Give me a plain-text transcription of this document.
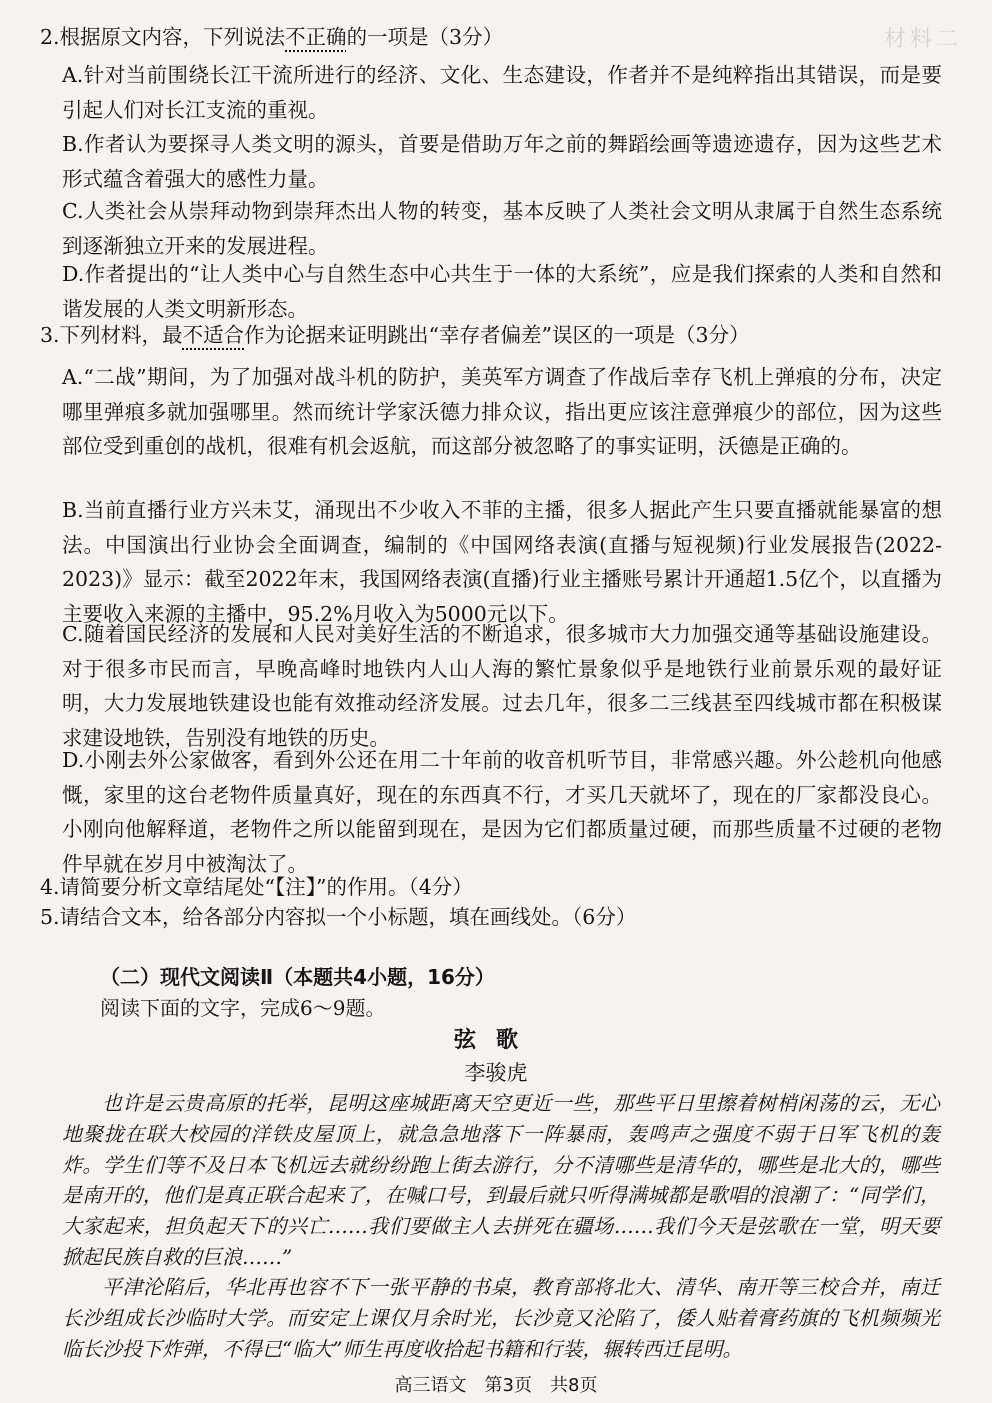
材料二
2.根据原文内容，下列说法不正确的一项是（3分）
A.针对当前围绕长江干流所进行的经济、文化、生态建设，作者并不是纯粹指出其错误，而是要引起人们对长江支流的重视。
B.作者认为要探寻人类文明的源头，首要是借助万年之前的舞蹈绘画等遗迹遗存，因为这些艺术形式蕴含着强大的感性力量。
C.人类社会从崇拜动物到崇拜杰出人物的转变，基本反映了人类社会文明从隶属于自然生态系统到逐渐独立开来的发展进程。
D.作者提出的“让人类中心与自然生态中心共生于一体的大系统”，应是我们探索的人类和自然和谐发展的人类文明新形态。
3.下列材料，最不适合作为论据来证明跳出“幸存者偏差”误区的一项是（3分）
A.“二战”期间，为了加强对战斗机的防护，美英军方调查了作战后幸存飞机上弹痕的分布，决定哪里弹痕多就加强哪里。然而统计学家沃德力排众议，指出更应该注意弹痕少的部位，因为这些部位受到重创的战机，很难有机会返航，而这部分被忽略了的事实证明，沃德是正确的。
B.当前直播行业方兴未艾，涌现出不少收入不菲的主播，很多人据此产生只要直播就能暴富的想法。中国演出行业协会全面调查，编制的《中国网络表演(直播与短视频)行业发展报告(2022-2023)》显示：截至2022年末，我国网络表演(直播)行业主播账号累计开通超1.5亿个，以直播为主要收入来源的主播中，95.2%月收入为5000元以下。
C.随着国民经济的发展和人民对美好生活的不断追求，很多城市大力加强交通等基础设施建设。对于很多市民而言，早晚高峰时地铁内人山人海的繁忙景象似乎是地铁行业前景乐观的最好证明，大力发展地铁建设也能有效推动经济发展。过去几年，很多二三线甚至四线城市都在积极谋求建设地铁，告别没有地铁的历史。
D.小刚去外公家做客，看到外公还在用二十年前的收音机听节目，非常感兴趣。外公趁机向他感慨，家里的这台老物件质量真好，现在的东西真不行，才买几天就坏了，现在的厂家都没良心。小刚向他解释道，老物件之所以能留到现在，是因为它们都质量过硬，而那些质量不过硬的老物件早就在岁月中被淘汰了。
4.请简要分析文章结尾处“【注】”的作用。（4分）
5.请结合文本，给各部分内容拟一个小标题，填在画线处。（6分）
（二）现代文阅读Ⅱ（本题共4小题，16分）
阅读下面的文字，完成6～9题。
弦歌
李骏虎
也许是云贵高原的托举，昆明这座城距离天空更近一些，那些平日里擦着树梢闲荡的云，无心地聚拢在联大校园的洋铁皮屋顶上，就急急地落下一阵暴雨，轰鸣声之强度不弱于日军飞机的轰炸。学生们等不及日本飞机远去就纷纷跑上街去游行，分不清哪些是清华的，哪些是北大的，哪些是南开的，他们是真正联合起来了，在喊口号，到最后就只听得满城都是歌唱的浪潮了：“同学们，大家起来，担负起天下的兴亡……我们要做主人去拼死在疆场……我们今天是弦歌在一堂，明天要掀起民族自救的巨浪……”
平津沦陷后，华北再也容不下一张平静的书桌，教育部将北大、清华、南开等三校合并，南迁长沙组成长沙临时大学。而安定上课仅月余时光，长沙竟又沦陷了，倭人贴着膏药旗的飞机频频光临长沙投下炸弹，不得已“临大”师生再度收拾起书籍和行装，辗转西迁昆明。
高三语文　第3页　共8页
